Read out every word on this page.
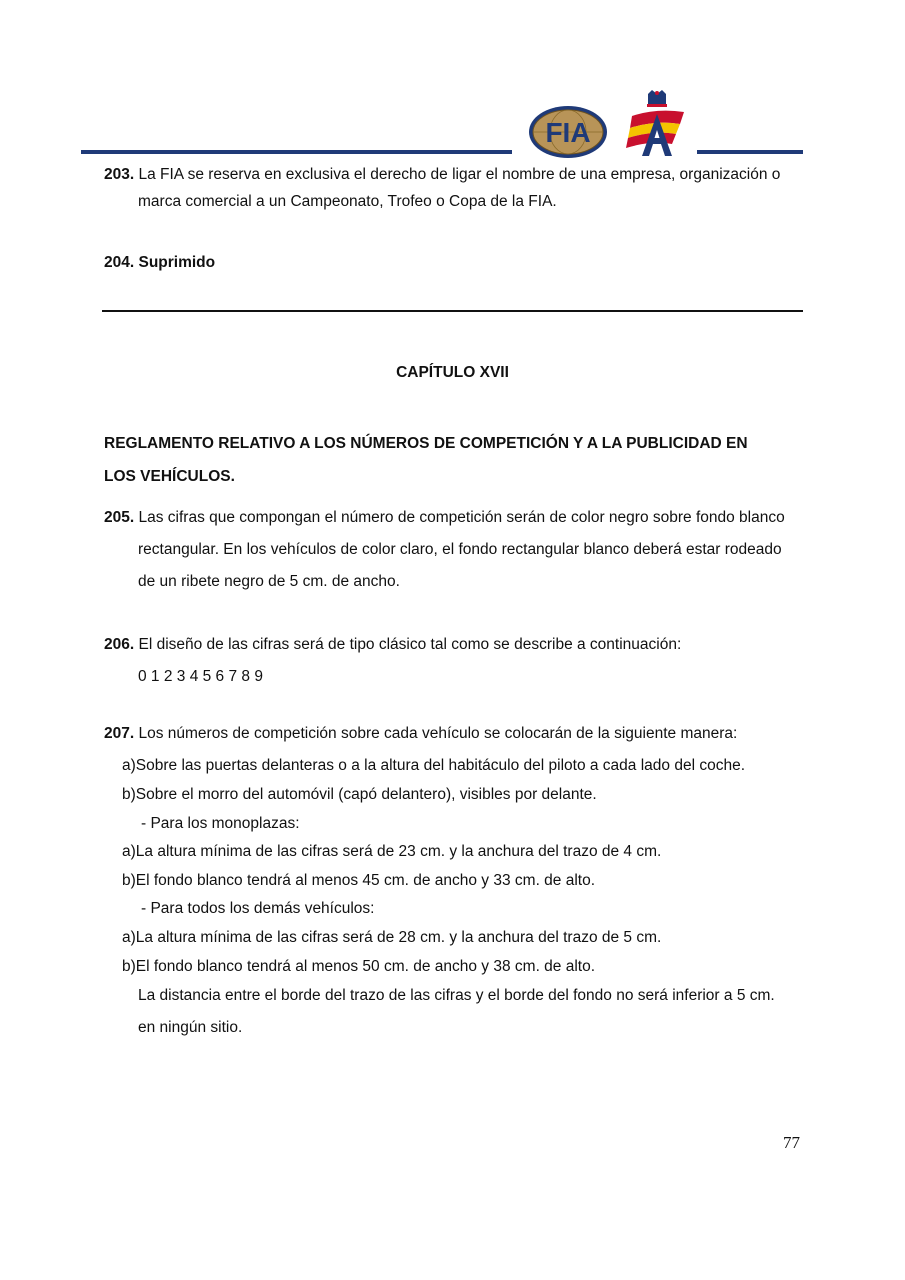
FIA
203. La FIA se reserva en exclusiva el derecho de ligar el nombre de una empresa, organización o
marca comercial a un Campeonato, Trofeo o Copa de la FIA.
204. Suprimido
CAPÍTULO XVII
REGLAMENTO RELATIVO A LOS NÚMEROS DE COMPETICIÓN Y A LA PUBLICIDAD EN
LOS VEHÍCULOS.
205. Las cifras que compongan el número de competición serán de color negro sobre fondo blanco
rectangular. En los vehículos de color claro, el fondo rectangular blanco deberá estar rodeado
de un ribete negro de 5 cm. de ancho.
206. El diseño de las cifras será de tipo clásico tal como se describe a continuación:
0 1 2 3 4 5 6 7 8 9
207. Los números de competición sobre cada vehículo se colocarán de la siguiente manera:
a)Sobre las puertas delanteras o a la altura del habitáculo del piloto a cada lado del coche.
b)Sobre el morro del automóvil (capó delantero), visibles por delante.
- Para los monoplazas:
a)La altura mínima de las cifras será de 23 cm. y la anchura del trazo de 4 cm.
b)El fondo blanco tendrá al menos 45 cm. de ancho y 33 cm. de alto.
- Para todos los demás vehículos:
a)La altura mínima de las cifras será de 28 cm. y la anchura del trazo de 5 cm.
b)El fondo blanco tendrá al menos 50 cm. de ancho y 38 cm. de alto.
La distancia entre el borde del trazo de las cifras y el borde del fondo no será inferior a 5 cm.
en ningún sitio.
77
